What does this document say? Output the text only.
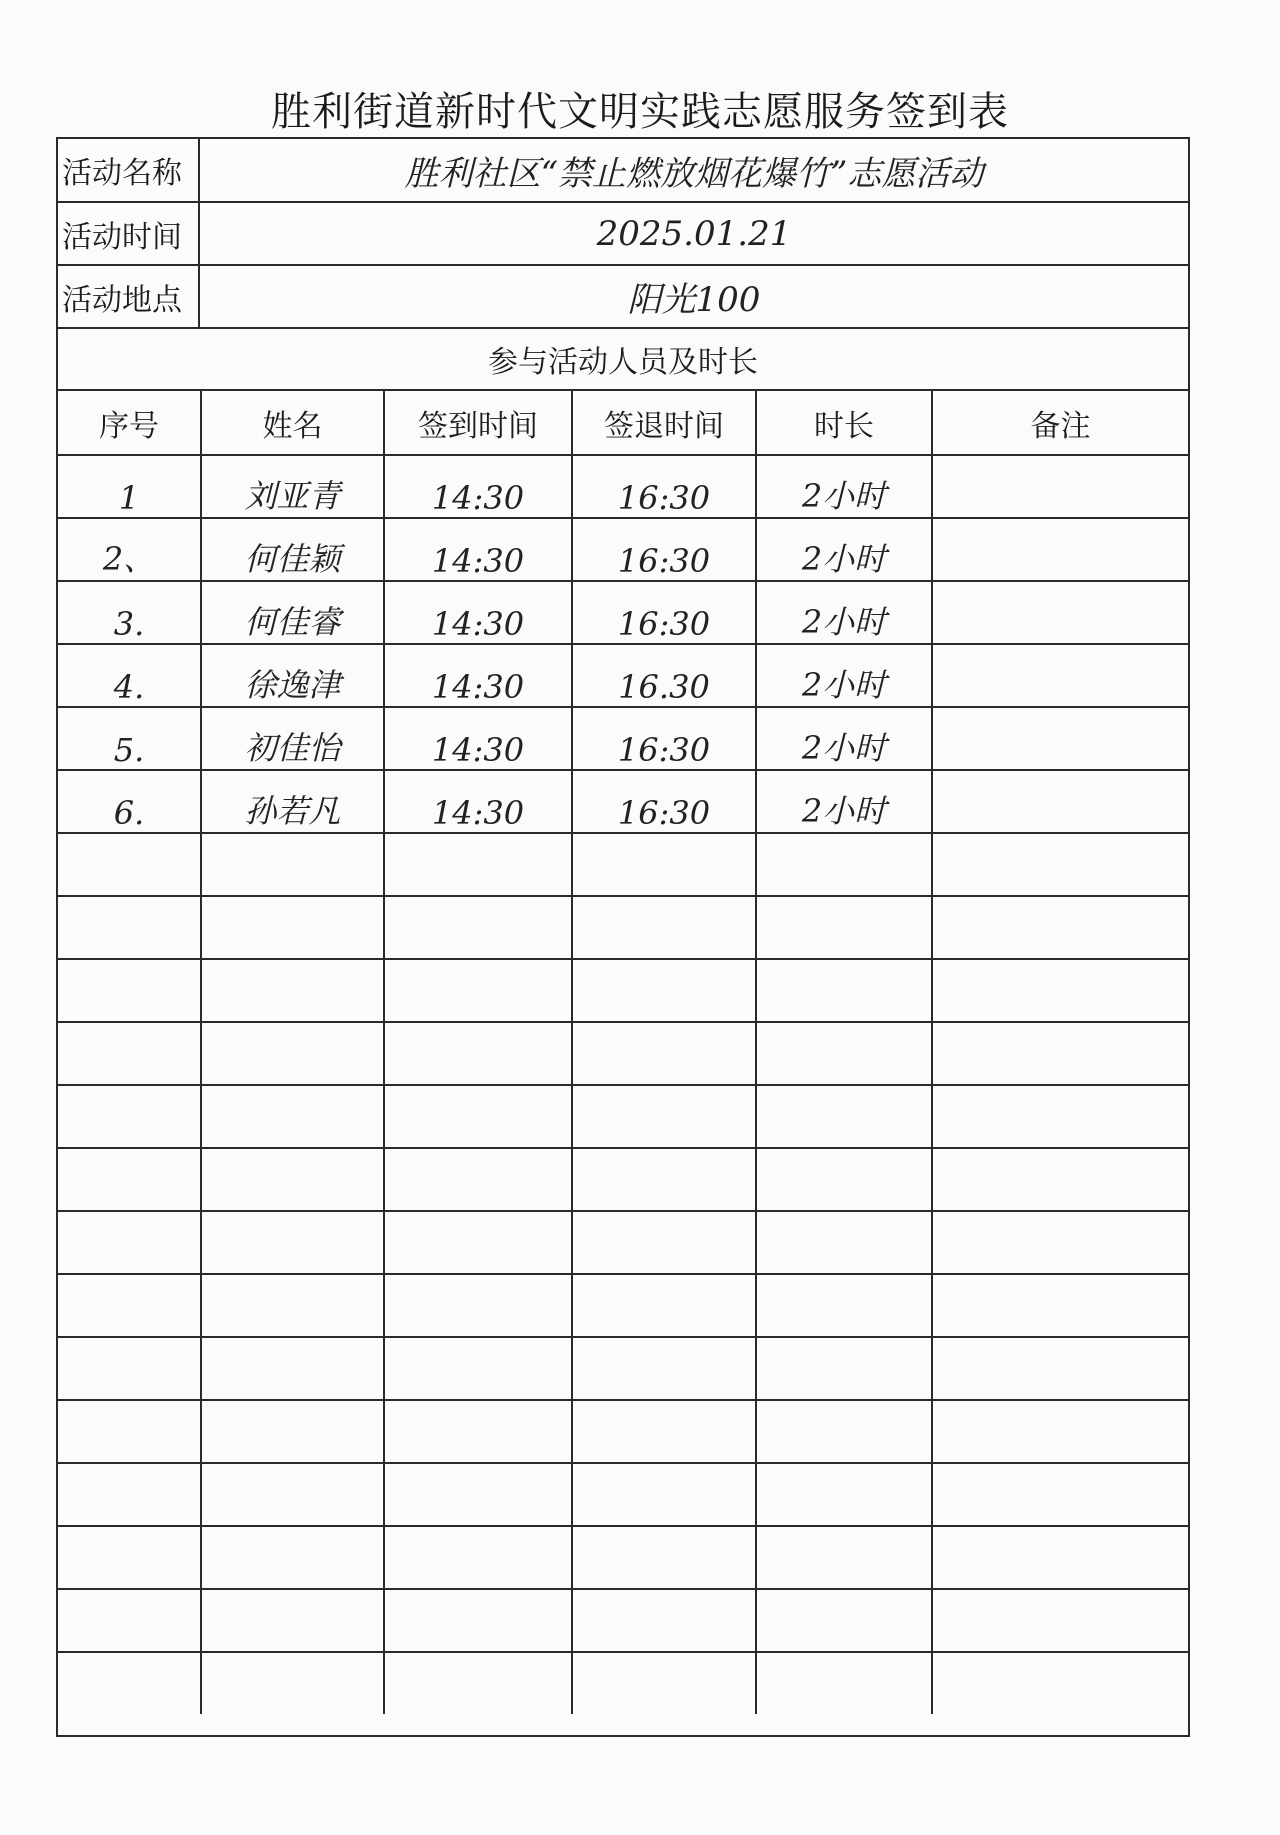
胜利街道新时代文明实践志愿服务签到表
活动名称	胜利社区“禁止燃放烟花爆竹”志愿活动
活动时间	2025.01.21
活动地点	阳光100
参与活动人员及时长
序号	姓名	签到时间	签退时间	时长	备注
1	刘亚青	14:30	16:30	2小时	
2、	何佳颖	14:30	16:30	2小时	
3.	何佳睿	14:30	16:30	2小时	
4.	徐逸津	14:30	16.30	2小时	
5.	初佳怡	14:30	16:30	2小时	
6.	孙若凡	14:30	16:30	2小时	
